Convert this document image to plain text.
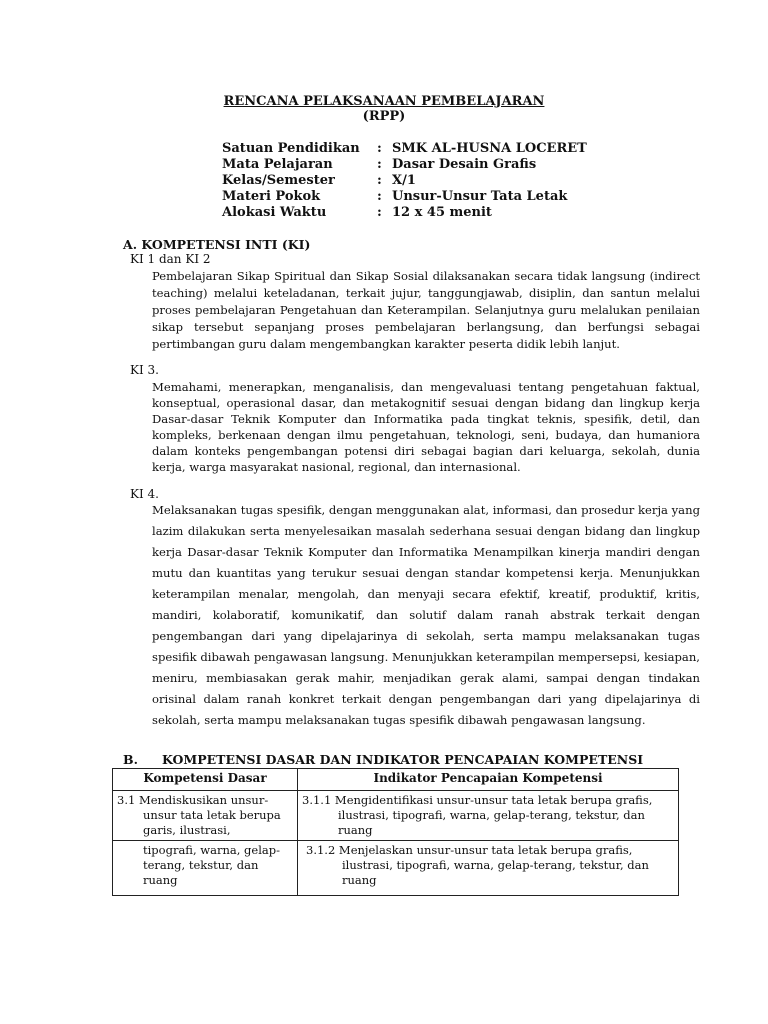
RENCANA PELAKSANAAN PEMBELAJARAN
(RPP)
Satuan Pendidikan : SMK AL-HUSNA LOCERET
Mata Pelajaran	: Dasar Desain Grafis
Kelas/Semester	: X/1
Materi Pokok	: Unsur-Unsur Tata Letak
Alokasi Waktu	: 12 x 45 menit
A. KOMPETENSI INTI (KI)
KI 1 dan KI 2
Pembelajaran Sikap Spiritual dan Sikap Sosial dilaksanakan secara tidak langsung (indirect teaching) melalui keteladanan, terkait jujur, tanggungjawab, disiplin, dan santun melalui proses pembelajaran Pengetahuan dan Keterampilan. Selanjutnya guru melalukan penilaian sikap tersebut sepanjang proses pembelajaran berlangsung, dan berfungsi sebagai pertimbangan guru dalam mengembangkan karakter peserta didik lebih lanjut.
KI 3.
Memahami, menerapkan, menganalisis, dan mengevaluasi tentang pengetahuan faktual, konseptual, operasional dasar, dan metakognitif sesuai dengan bidang dan lingkup kerja Dasar-dasar Teknik Komputer dan Informatika pada tingkat teknis, spesifik, detil, dan kompleks, berkenaan dengan ilmu pengetahuan, teknologi, seni, budaya, dan humaniora dalam konteks pengembangan potensi diri sebagai bagian dari keluarga, sekolah, dunia kerja, warga masyarakat nasional, regional, dan internasional.
KI 4.
Melaksanakan tugas spesifik, dengan menggunakan alat, informasi, dan prosedur kerja yang lazim dilakukan serta menyelesaikan masalah sederhana sesuai dengan bidang dan lingkup kerja Dasar-dasar Teknik Komputer dan Informatika Menampilkan kinerja mandiri dengan mutu dan kuantitas yang terukur sesuai dengan standar kompetensi kerja. Menunjukkan keterampilan menalar, mengolah, dan menyaji secara efektif, kreatif, produktif, kritis, mandiri, kolaboratif, komunikatif, dan solutif dalam ranah abstrak terkait dengan pengembangan dari yang dipelajarinya di sekolah, serta mampu melaksanakan tugas spesifik dibawah pengawasan langsung. Menunjukkan keterampilan mempersepsi, kesiapan, meniru, membiasakan gerak mahir, menjadikan gerak alami, sampai dengan tindakan orisinal dalam ranah konkret terkait dengan pengembangan dari yang dipelajarinya di sekolah, serta mampu melaksanakan tugas spesifik dibawah pengawasan langsung.
B. KOMPETENSI DASAR DAN INDIKATOR PENCAPAIAN KOMPETENSI
Kompetensi Dasar	Indikator Pencapaian Kompetensi

3.1 Mendiskusikan unsur-unsur tata letak berupa garis, ilustrasi,	3.1.1 Mengidentifikasi unsur-unsur tata letak berupa grafis, ilustrasi, tipografi, warna, gelap-terang, tekstur, dan ruang

tipografi, warna, gelap-terang, tekstur, dan ruang	3.1.2 Menjelaskan unsur-unsur tata letak berupa grafis, ilustrasi, tipografi, warna, gelap-terang, tekstur, dan ruang
